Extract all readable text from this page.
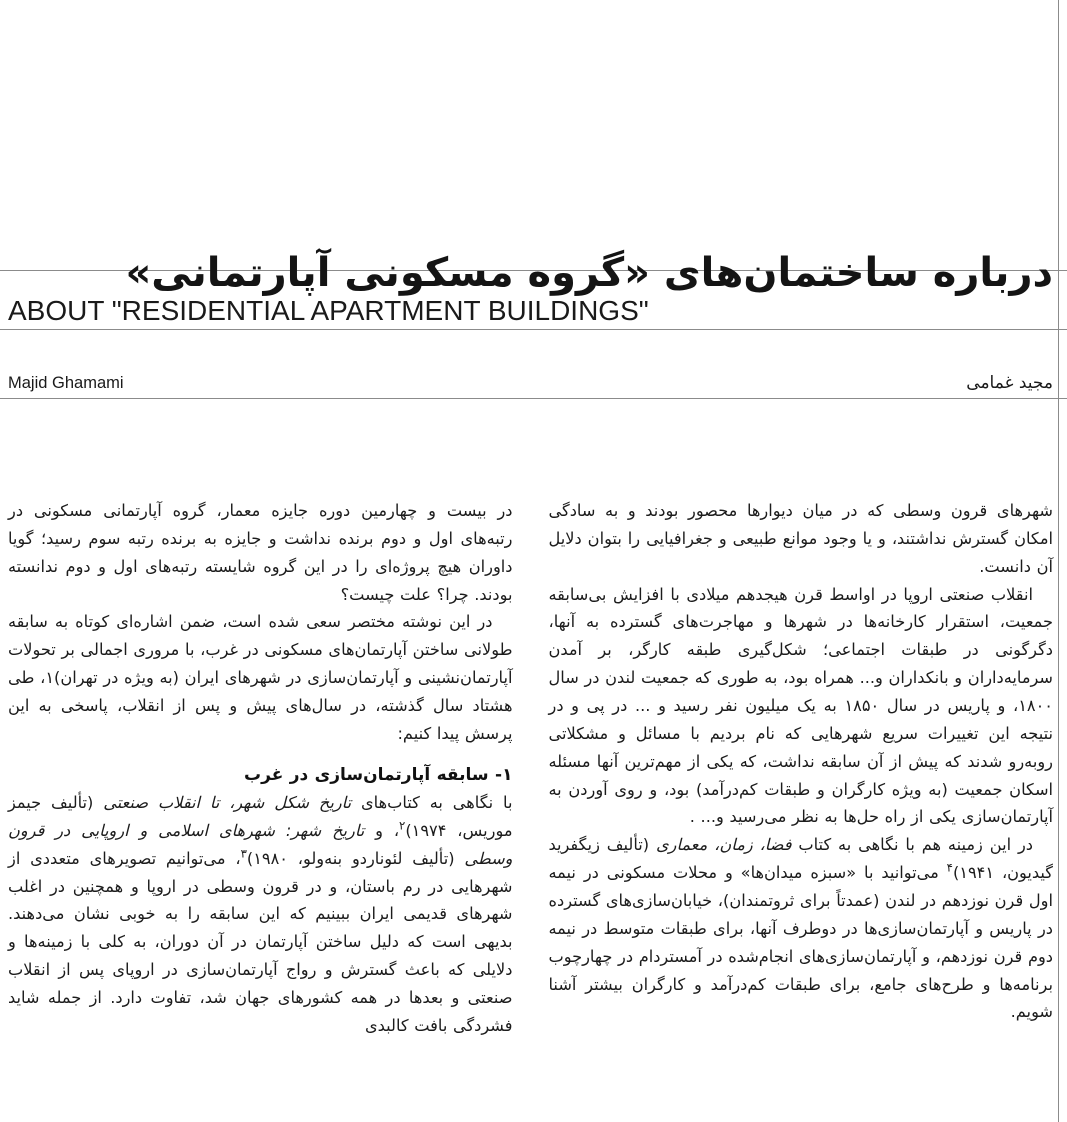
درباره ساختمان‌های «گروه مسکونی آپارتمانی»
ABOUT "RESIDENTIAL APARTMENT BUILDINGS"
Majid Ghamami	مجید غمامی

در بیست و چهارمین دوره جایزه معمار، گروه آپارتمانی مسکونی در رتبه‌های اول و دوم برنده نداشت و جایزه به برنده رتبه سوم رسید؛ گویا داوران هیچ پروژه‌ای را در این گروه شایسته رتبه‌های اول و دوم ندانسته بودند. چرا؟ علت چیست؟

در این نوشته مختصر سعی شده است، ضمن اشاره‌ای کوتاه به سابقه طولانی ساختن آپارتمان‌های مسکونی در غرب، با مروری اجمالی بر تحولات آپارتمان‌نشینی و آپارتمان‌سازی در شهرهای ایران (به ویژه در تهران)١، طی هشتاد سال گذشته، در سال‌های پیش و پس از انقلاب، پاسخی به این پرسش پیدا کنیم:

۱- سابقه آپارتمان‌سازی در غرب

با نگاهی به کتاب‌های تاریخ شکل شهر، تا انقلاب صنعتی (تألیف جیمز موریس، ۱۹۷۴)$^٢$، و تاریخ شهر: شهرهای اسلامی و اروپایی در قرون وسطی (تألیف لئوناردو بنه‌ولو، ۱۹۸۰)$^٣$، می‌توانیم تصویرهای متعددی از شهرهایی در رم باستان، و در قرون وسطی در اروپا و همچنین در اغلب شهرهای قدیمی ایران ببینیم که این سابقه را به خوبی نشان می‌دهند. بدیهی است که دلیل ساختن آپارتمان در آن دوران، به کلی با زمینه‌ها و دلایلی که باعث گسترش و رواج آپارتمان‌سازی در اروپای پس از انقلاب صنعتی و بعدها در همه کشورهای جهان شد، تفاوت دارد. از جمله شاید فشردگی بافت کالبدی

شهرهای قرون وسطی که در میان دیوارها محصور بودند و به سادگی امکان گسترش نداشتند، و یا وجود موانع طبیعی و جغرافیایی را بتوان دلایل آن دانست.

انقلاب صنعتی اروپا در اواسط قرن هیجدهم میلادی با افزایش بی‌سابقه جمعیت، استقرار کارخانه‌ها در شهرها و مهاجرت‌های گسترده به آنها، دگرگونی در طبقات اجتماعی؛ شکل‌گیری طبقه کارگر، بر آمدن سرمایه‌داران و بانکداران و... همراه بود، به طوری که جمعیت لندن در سال ۱۸۰۰، و پاریس در سال ۱۸۵۰ به یک میلیون نفر رسید و ... در پی و در نتیجه این تغییرات سریع شهرهایی که نام بردیم با مسائل و مشکلاتی روبه‌رو شدند که پیش از آن سابقه نداشت، که یکی از مهم‌ترین آنها مسئله اسکان جمعیت (به ویژه کارگران و طبقات کم‌درآمد) بود، و روی آوردن به آپارتمان‌سازی یکی از راه حل‌ها به نظر می‌رسید و... .

در این زمینه هم با نگاهی به کتاب فضا، زمان، معماری (تألیف زیگفرید گیدیون، ۱۹۴۱)$^۴$ می‌توانید با «سبزه میدان‌ها» و محلات مسکونی در نیمه اول قرن نوزدهم در لندن (عمدتاً برای ثروتمندان)، خیابان‌سازی‌های گسترده در پاریس و آپارتمان‌سازی‌ها در دوطرف آنها، برای طبقات متوسط در نیمه دوم قرن نوزدهم، و آپارتمان‌سازی‌های انجام‌شده در آمستردام در چهارچوب برنامه‌ها و طرح‌های جامع، برای طبقات کم‌درآمد و کارگران بیشتر آشنا شویم.
